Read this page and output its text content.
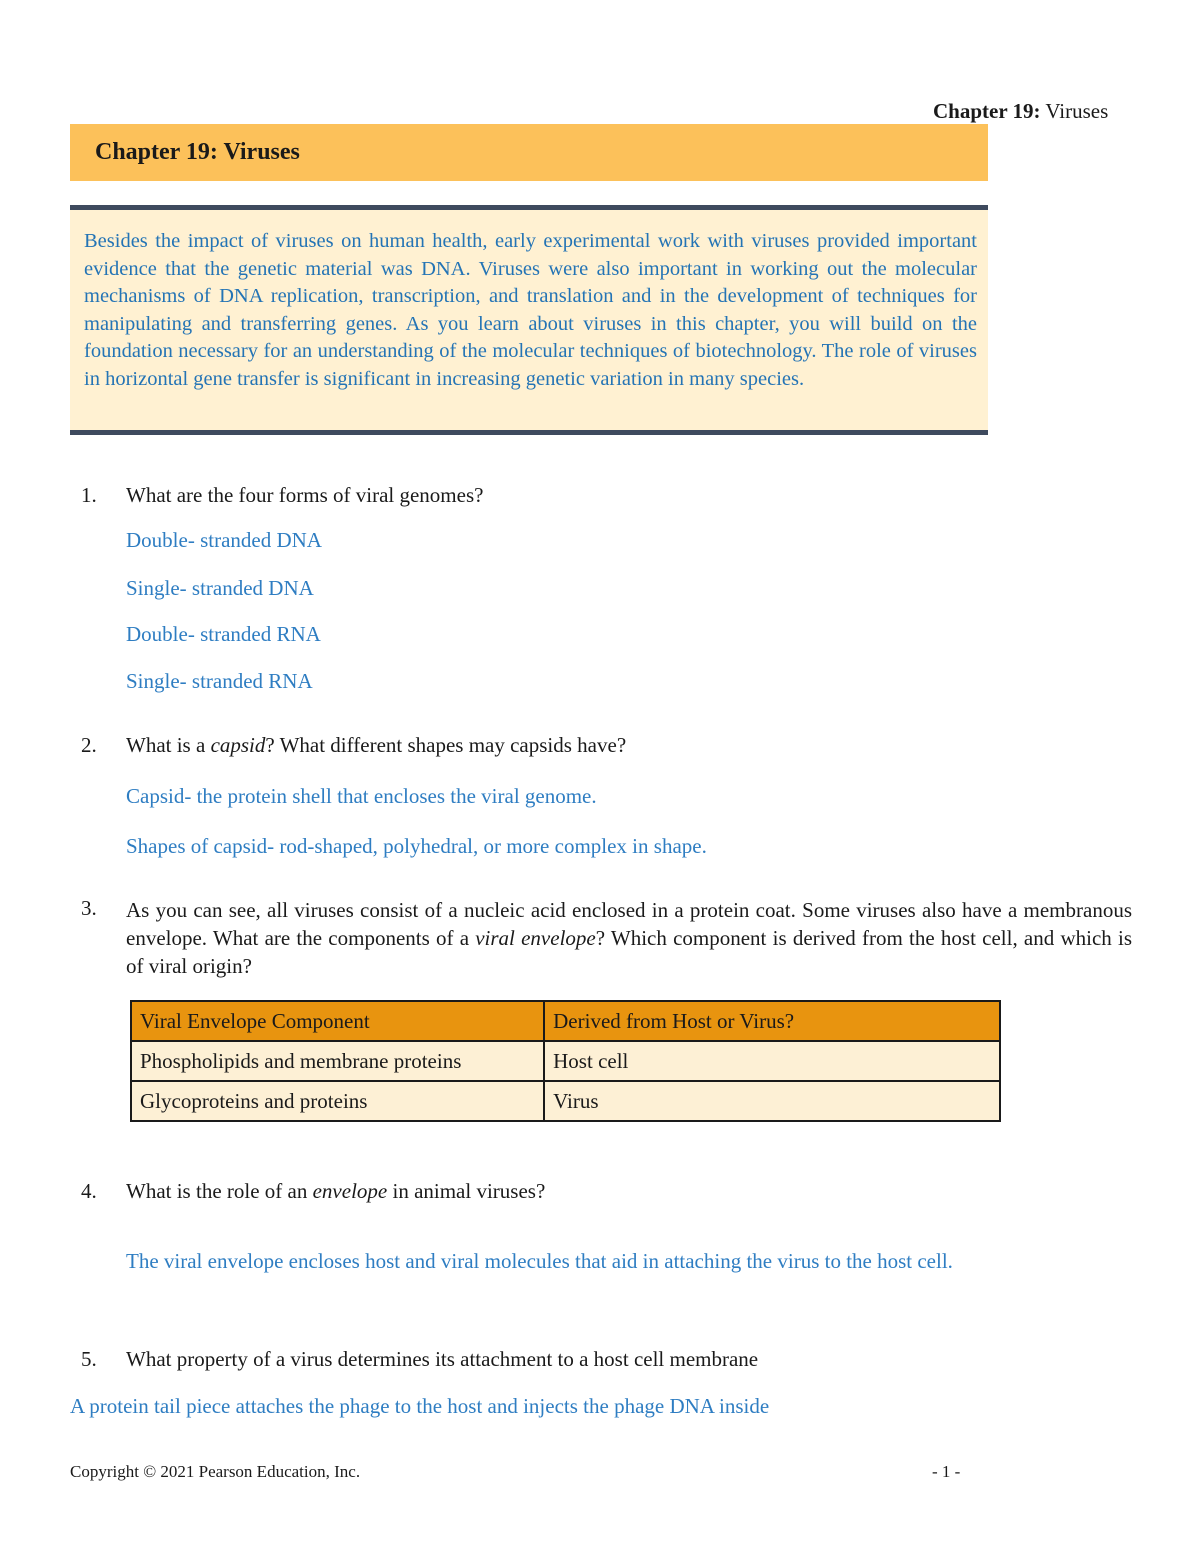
Chapter 19: Viruses
Chapter 19: Viruses

Besides the impact of viruses on human health, early experimental work with viruses provided important evidence that the genetic material was DNA. Viruses were also important in working out the molecular mechanisms of DNA replication, transcription, and translation and in the development of techniques for manipulating and transferring genes. As you learn about viruses in this chapter, you will build on the foundation necessary for an understanding of the molecular techniques of biotechnology. The role of viruses in horizontal gene transfer is significant in increasing genetic variation in many species.

1. What are the four forms of viral genomes?
Double- stranded DNA
Single- stranded DNA
Double- stranded RNA
Single- stranded RNA
2. What is a capsid? What different shapes may capsids have?
Capsid- the protein shell that encloses the viral genome.
Shapes of capsid- rod-shaped, polyhedral, or more complex in shape.
3. As you can see, all viruses consist of a nucleic acid enclosed in a protein coat. Some viruses also have a membranous envelope. What are the components of a viral envelope? Which component is derived from the host cell, and which is of viral origin?
Viral Envelope Component	Derived from Host or Virus?
Phospholipids and membrane proteins	Host cell
Glycoproteins and proteins	Virus
4. What is the role of an envelope in animal viruses?
The viral envelope encloses host and viral molecules that aid in attaching the virus to the host cell.
5. What property of a virus determines its attachment to a host cell membrane
A protein tail piece attaches the phage to the host and injects the phage DNA inside
Copyright © 2021 Pearson Education, Inc.	- 1 -
